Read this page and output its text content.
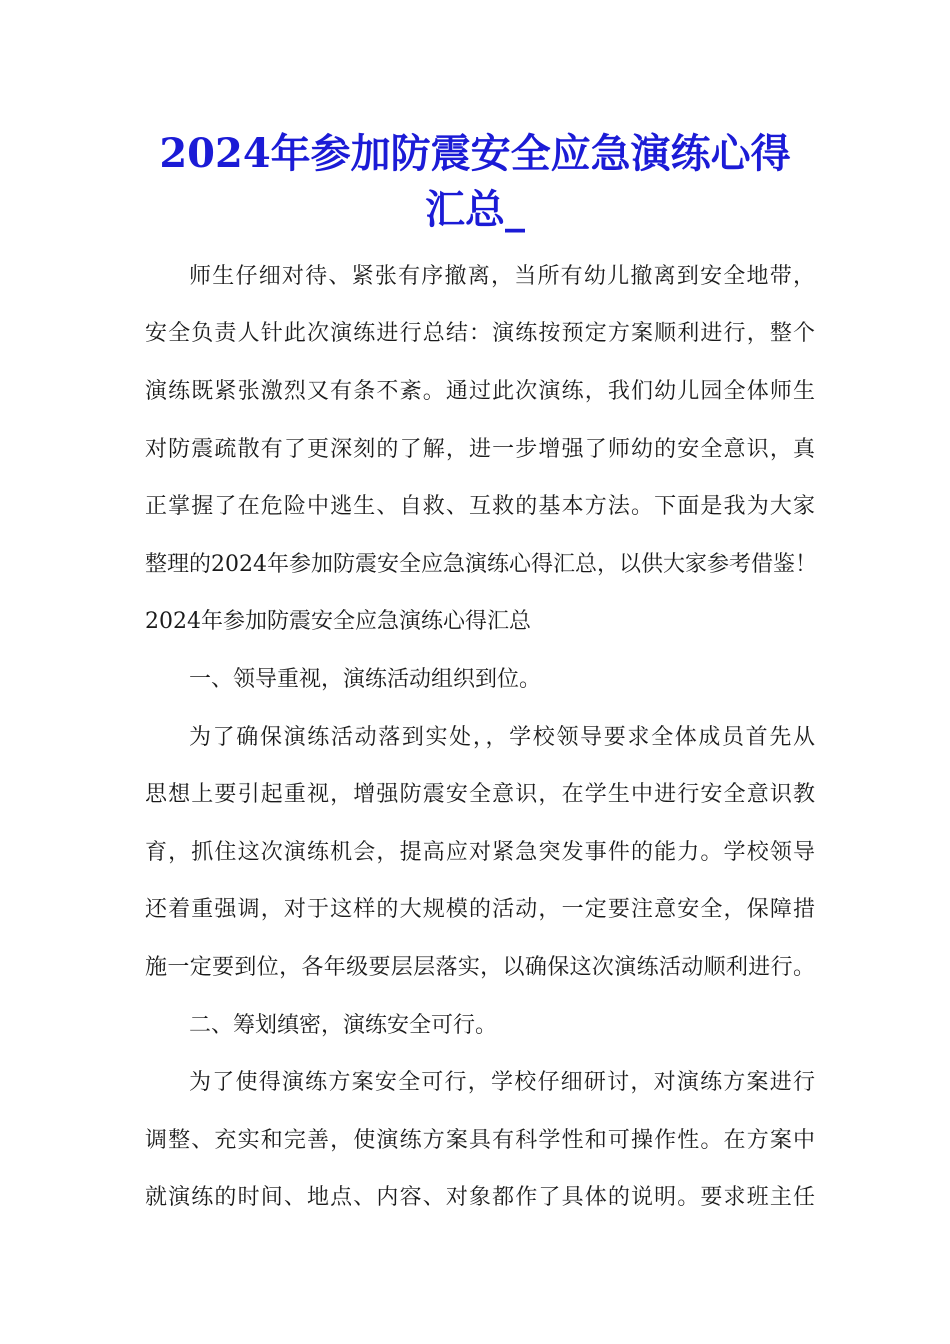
2024年参加防震安全应急演练心得
汇总_
师生仔细对待、紧张有序撤离，当所有幼儿撤离到安全地带，
安全负责人针此次演练进行总结：演练按预定方案顺利进行，整个
演练既紧张激烈又有条不紊。通过此次演练，我们幼儿园全体师生
对防震疏散有了更深刻的了解，进一步增强了师幼的安全意识，真
正掌握了在危险中逃生、自救、互救的基本方法。下面是我为大家
整理的2024年参加防震安全应急演练心得汇总，以供大家参考借鉴！
2024年参加防震安全应急演练心得汇总
一、领导重视，演练活动组织到位。
为了确保演练活动落到实处，，学校领导要求全体成员首先从
思想上要引起重视，增强防震安全意识，在学生中进行安全意识教
育，抓住这次演练机会，提高应对紧急突发事件的能力。学校领导
还着重强调，对于这样的大规模的活动，一定要注意安全，保障措
施一定要到位，各年级要层层落实，以确保这次演练活动顺利进行。
二、筹划缜密，演练安全可行。
为了使得演练方案安全可行，学校仔细研讨，对演练方案进行
调整、充实和完善，使演练方案具有科学性和可操作性。在方案中
就演练的时间、地点、内容、对象都作了具体的说明。要求班主任
